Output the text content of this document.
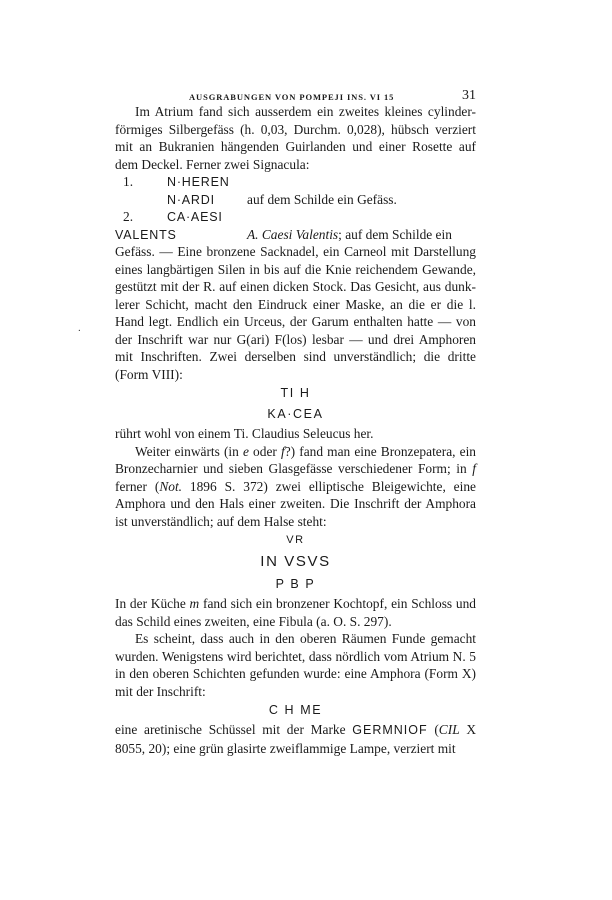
AUSGRABUNGEN VON POMPEJI INS. VI 15	31
.

Im Atrium fand sich ausserdem ein zweites kleines cylinder- förmiges Silbergefäss (h. 0,03, Durchm. 0,028), hübsch verziert mit an Bukranien hängenden Guirlanden und einer Rosette auf dem Deckel. Ferner zwei Signacula:

1.	N·HEREN
N·ARDI	auf dem Schilde ein Gefäss.
2.	CA·AESI
VALENTS	A. Caesi Valentis ; auf dem Schilde ein

Gefäss. — Eine bronzene Sacknadel, ein Carneol mit Darstellung eines langbärtigen Silen in bis auf die Knie reichendem Gewande, gestützt mit der R. auf einen dicken Stock. Das Gesicht, aus dunk- lerer Schicht, macht den Eindruck einer Maske, an die er die l. Hand legt. Endlich ein Urceus, der Garum enthalten hatte — von der Inschrift war nur G(ari) F(los) lesbar — und drei Amphoren mit Inschriften. Zwei derselben sind unverständlich; die dritte (Form VIII):

TI H
KA·CEA

rührt wohl von einem Ti. Claudius Seleucus her.

Weiter einwärts (in e oder f?) fand man eine Bronzepatera, ein Bronzecharnier und sieben Glasgefässe verschiedener Form; in f ferner (Not. 1896 S. 372) zwei elliptische Bleigewichte, eine Amphora und den Hals einer zweiten. Die Inschrift der Amphora ist unverständlich; auf dem Halse steht:

VR
IN VSVS
P B P

In der Küche m fand sich ein bronzener Kochtopf, ein Schloss und das Schild eines zweiten, eine Fibula (a. O. S. 297).

Es scheint, dass auch in den oberen Räumen Funde gemacht wurden. Wenigstens wird berichtet, dass nördlich vom Atrium N. 5 in den oberen Schichten gefunden wurde: eine Amphora (Form X) mit der Inschrift:

C H ME

eine aretinische Schüssel mit der Marke GERMNIOF (CIL X 8055, 20); eine grün glasirte zweiflammige Lampe, verziert mit
